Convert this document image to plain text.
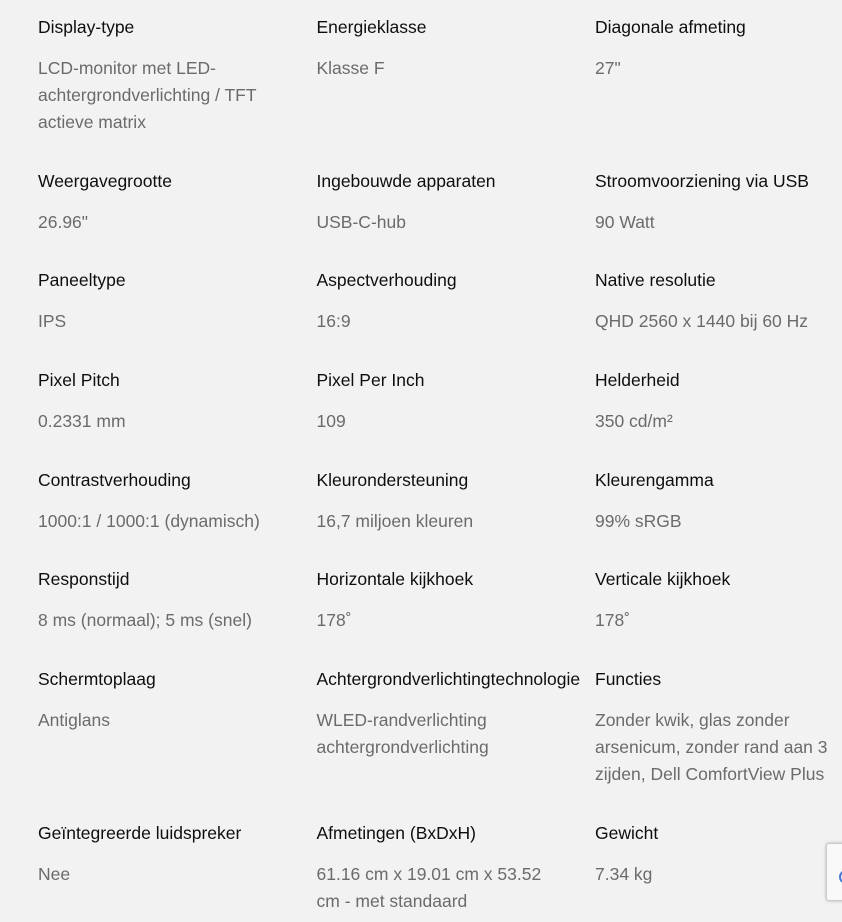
Display-type
LCD-monitor met LED-achtergrondverlichting / TFT actieve matrix
Energieklasse
Klasse F
Diagonale afmeting
27"
Weergavegrootte
26.96"
Ingebouwde apparaten
USB-C-hub
Stroomvoorziening via USB
90 Watt
Paneeltype
IPS
Aspectverhouding
16:9
Native resolutie
QHD 2560 x 1440 bij 60 Hz
Pixel Pitch
0.2331 mm
Pixel Per Inch
109
Helderheid
350 cd/m²
Contrastverhouding
1000:1 / 1000:1 (dynamisch)
Kleurondersteuning
16,7 miljoen kleuren
Kleurengamma
99% sRGB
Responstijd
8 ms (normaal); 5 ms (snel)
Horizontale kijkhoek
178˚
Verticale kijkhoek
178˚
Schermtoplaag
Antiglans
Achtergrondverlichtingtechnologie
WLED-randverlichting achtergrondverlichting
Functies
Zonder kwik, glas zonder arsenicum, zonder rand aan 3 zijden, Dell ComfortView Plus
Geïntegreerde luidspreker
Nee
Afmetingen (BxDxH)
61.16 cm x 19.01 cm x 53.52 cm - met standaard
Gewicht
7.34 kg
